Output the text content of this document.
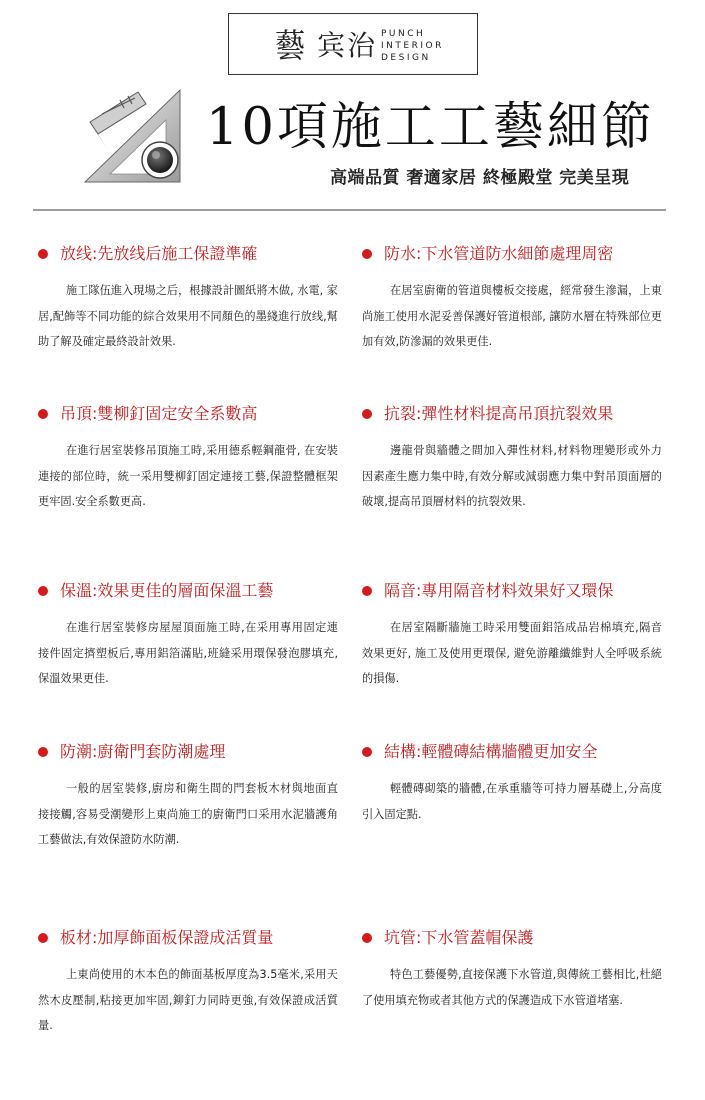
藝 宾治 PUNCH
INTERIOR
DESIGN
10項施工工藝細節
高端品質 奢適家居 終極殿堂 完美呈現
放线:先放线后施工保證準確
施工隊伍進入現場之后，根據設計圖紙將木做, 水電, 家居,配飾等不同功能的綜合效果用不同顏色的墨綫進行放线,幫助了解及確定最終設計效果.
吊頂:雙柳釘固定安全系數高
在進行居室裝修吊頂施工時,采用德系輕鋼龍骨, 在安裝連接的部位時，統一采用雙柳釘固定連接工藝,保證整體框架更牢固.安全系數更高.
保溫:效果更佳的層面保溫工藝
在進行居室裝修房屋屋頂面施工時,在采用專用固定連接件固定擠塑板后,專用鋁箔滿貼,班縫采用環保發泡膠填充,保溫效果更佳.
防潮:廚衛門套防潮處理
一般的居室裝修,廚房和衛生間的門套板木材與地面直接接觸,容易受潮變形上東尚施工的廚衛門口采用水泥牆護角工藝做法,有效保證防水防潮.
板材:加厚飾面板保證成活質量
上東尚使用的木本色的飾面基板厚度為3.5毫米,采用天然木皮壓制,粘接更加牢固,鉚釘力同時更強,有效保證成活質量.
防水:下水管道防水細節處理周密
在居室廚衛的管道與樓板交接處，經常發生滲漏，上東尚施工使用水泥妥善保護好管道根部, 讓防水層在特殊部位更加有效,防滲漏的效果更佳.
抗裂:彈性材料提高吊頂抗裂效果
邊龍骨與牆體之間加入彈性材料,材料物理變形或外力因素產生應力集中時,有效分解或減弱應力集中對吊頂面層的破壞,提高吊頂層材料的抗裂效果.
隔音:專用隔音材料效果好又環保
在居室隔斷牆施工時采用雙面鋁箔成品岩棉填充,隔音效果更好, 施工及使用更環保, 避免游離纖維對人全呼吸系統的損傷.
結構:輕體磚結構牆體更加安全
輕體磚砌築的牆體,在承重牆等可持力層基礎上,分高度引入固定點.
坑管:下水管蓋帽保護
特色工藝優勢,直接保護下水管道,與傳統工藝相比,杜絕了使用填充物或者其他方式的保護造成下水管道堵塞.
